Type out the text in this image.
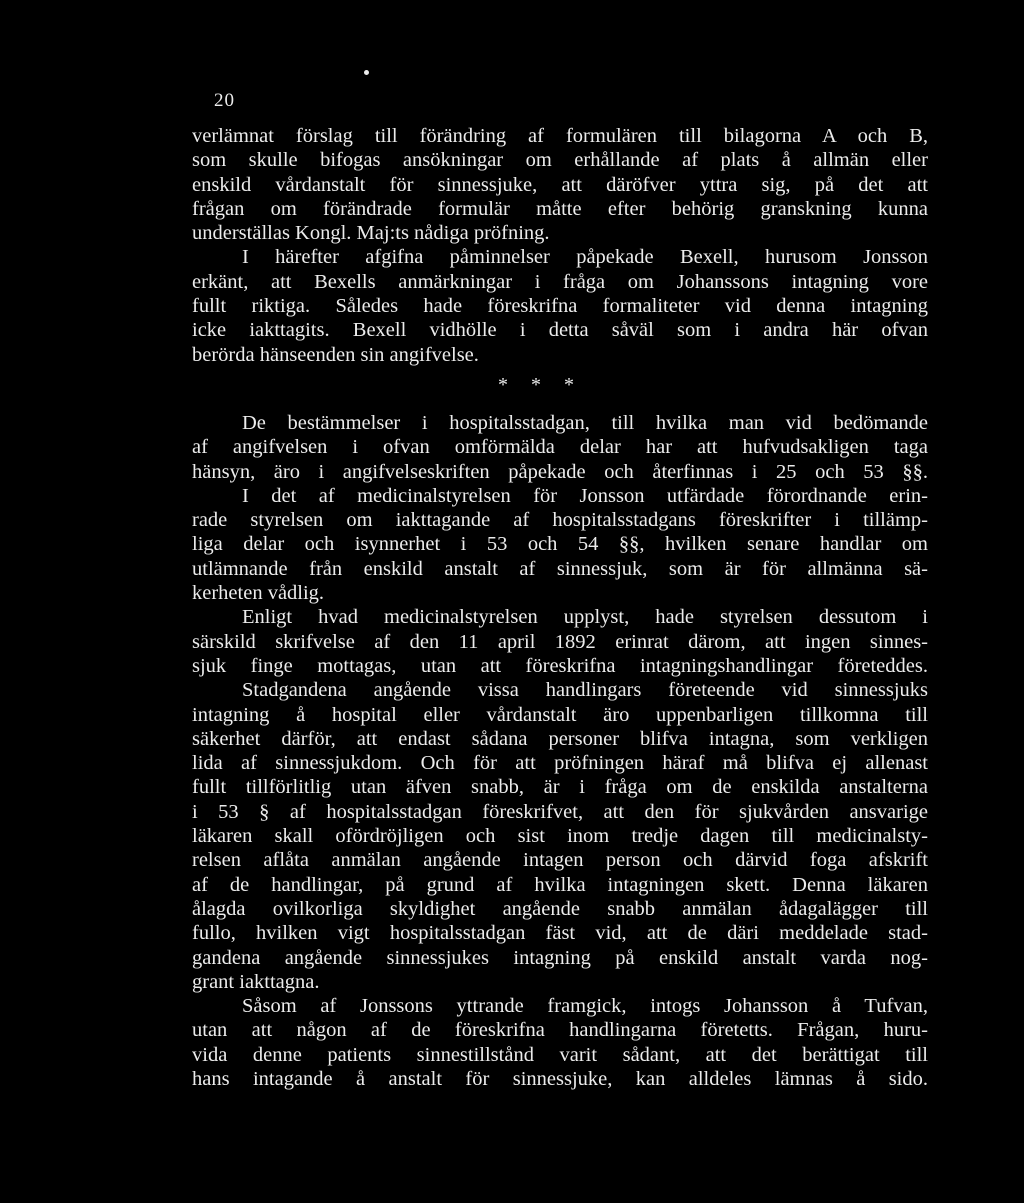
20
verlämnat förslag till förändring af formulären till bilagorna A och B,
som skulle bifogas ansökningar om erhållande af plats å allmän eller
enskild vårdanstalt för sinnessjuke, att däröfver yttra sig, på det att
frågan om förändrade formulär måtte efter behörig granskning kunna
underställas Kongl. Maj:ts nådiga pröfning.
I härefter afgifna påminnelser påpekade Bexell, hurusom Jonsson
erkänt, att Bexells anmärkningar i fråga om Johanssons intagning vore
fullt riktiga. Således hade föreskrifna formaliteter vid denna intagning
icke iakttagits. Bexell vidhölle i detta såväl som i andra här ofvan
berörda hänseenden sin angifvelse.
* * *
De bestämmelser i hospitalsstadgan, till hvilka man vid bedömande
af angifvelsen i ofvan omförmälda delar har att hufvudsakligen taga
hänsyn, äro i angifvelseskriften påpekade och återfinnas i 25 och 53 §§.
I det af medicinalstyrelsen för Jonsson utfärdade förordnande erin-
rade styrelsen om iakttagande af hospitalsstadgans föreskrifter i tillämp-
liga delar och isynnerhet i 53 och 54 §§, hvilken senare handlar om
utlämnande från enskild anstalt af sinnessjuk, som är för allmänna sä-
kerheten vådlig.
Enligt hvad medicinalstyrelsen upplyst, hade styrelsen dessutom i
särskild skrifvelse af den 11 april 1892 erinrat därom, att ingen sinnes-
sjuk finge mottagas, utan att föreskrifna intagningshandlingar företeddes.
Stadgandena angående vissa handlingars företeende vid sinnessjuks
intagning å hospital eller vårdanstalt äro uppenbarligen tillkomna till
säkerhet därför, att endast sådana personer blifva intagna, som verkligen
lida af sinnessjukdom. Och för att pröfningen häraf må blifva ej allenast
fullt tillförlitlig utan äfven snabb, är i fråga om de enskilda anstalterna
i 53 § af hospitalsstadgan föreskrifvet, att den för sjukvården ansvarige
läkaren skall ofördröjligen och sist inom tredje dagen till medicinalsty-
relsen aflåta anmälan angående intagen person och därvid foga afskrift
af de handlingar, på grund af hvilka intagningen skett. Denna läkaren
ålagda ovilkorliga skyldighet angående snabb anmälan ådagalägger till
fullo, hvilken vigt hospitalsstadgan fäst vid, att de däri meddelade stad-
gandena angående sinnessjukes intagning på enskild anstalt varda nog-
grant iakttagna.
Såsom af Jonssons yttrande framgick, intogs Johansson å Tufvan,
utan att någon af de föreskrifna handlingarna företetts. Frågan, huru-
vida denne patients sinnestillstånd varit sådant, att det berättigat till
hans intagande å anstalt för sinnessjuke, kan alldeles lämnas å sido.
